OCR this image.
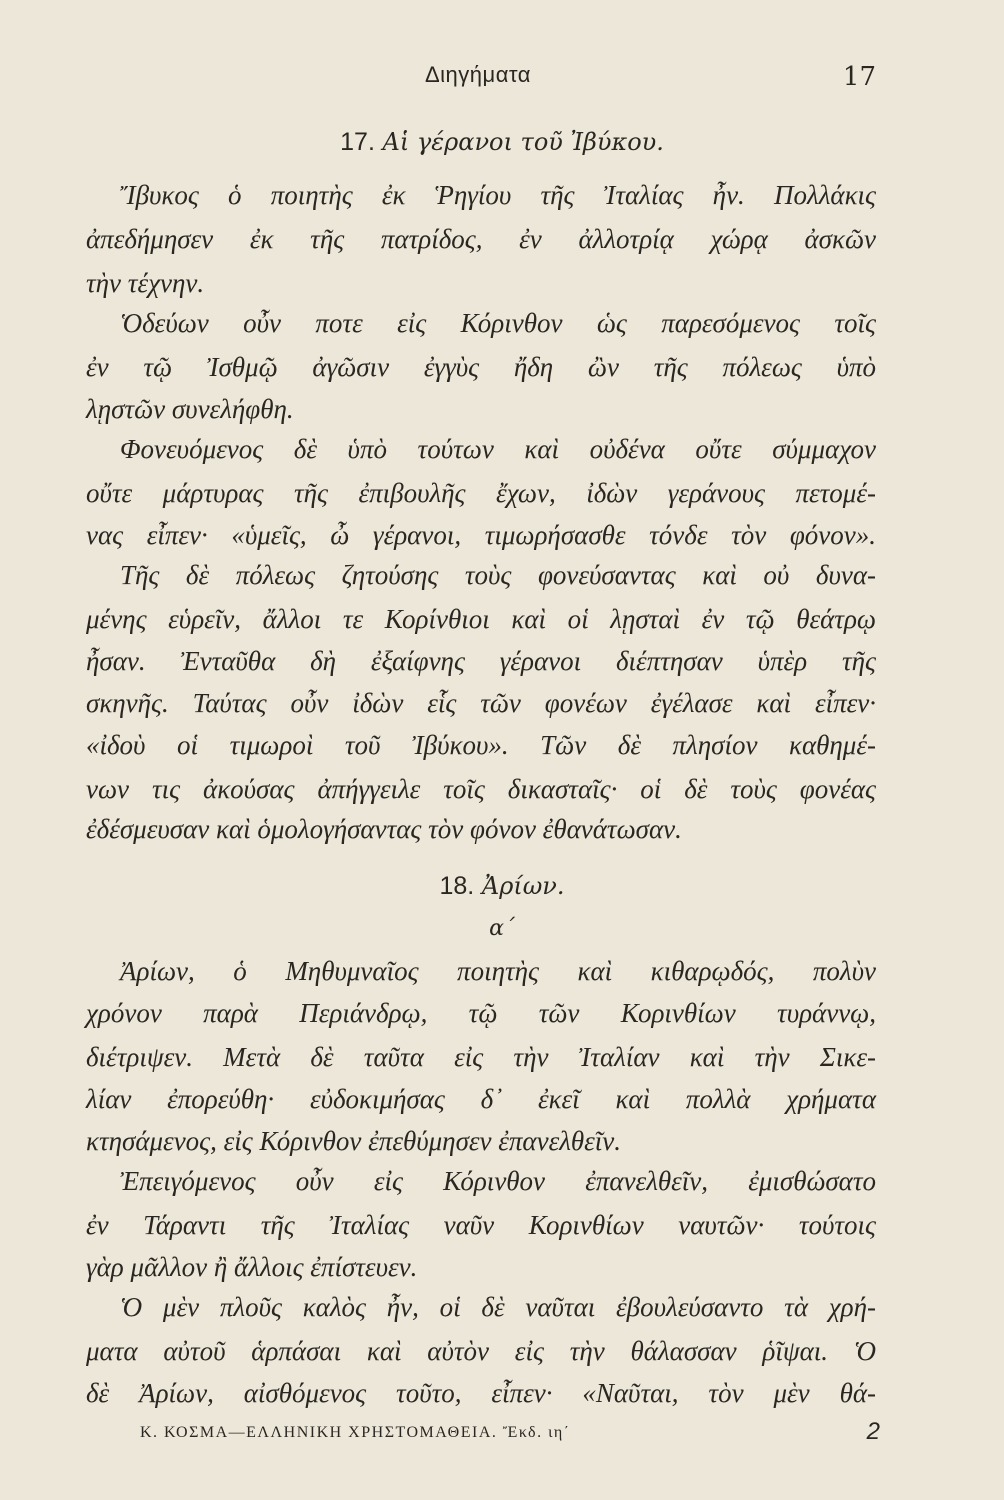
Διηγήματα	17
17. Αἱ γέρανοι τοῦ Ἰβύκου.
Ἴβυκος ὁ ποιητὴς ἐκ Ῥηγίου τῆς Ἰταλίας ἦν. Πολλάκις
ἀπεδήμησεν ἐκ τῆς πατρίδος, ἐν ἀλλοτρίᾳ χώρᾳ ἀσκῶν
τὴν τέχνην.
Ὁδεύων οὖν ποτε εἰς Κόρινθον ὡς παρεσόμενος τοῖς
ἐν τῷ Ἰσθμῷ ἀγῶσιν ἐγγὺς ἤδη ὢν τῆς πόλεως ὑπὸ
λῃστῶν συνελήφθη.
Φονευόμενος δὲ ὑπὸ τούτων καὶ οὐδένα οὔτε σύμμαχον
οὔτε μάρτυρας τῆς ἐπιβουλῆς ἔχων, ἰδὼν γεράνους πετομέ-
νας εἶπεν· «ὑμεῖς, ὦ γέρανοι, τιμωρήσασθε τόνδε τὸν φόνον».
Τῆς δὲ πόλεως ζητούσης τοὺς φονεύσαντας καὶ οὐ δυνα-
μένης εὑρεῖν, ἄλλοι τε Κορίνθιοι καὶ οἱ λῃσταὶ ἐν τῷ θεάτρῳ
ἦσαν. Ἐνταῦθα δὴ ἐξαίφνης γέρανοι διέπτησαν ὑπὲρ τῆς
σκηνῆς. Ταύτας οὖν ἰδὼν εἷς τῶν φονέων ἐγέλασε καὶ εἶπεν·
«ἰδοὺ οἱ τιμωροὶ τοῦ Ἰβύκου». Τῶν δὲ πλησίον καθημέ-
νων τις ἀκούσας ἀπήγγειλε τοῖς δικασταῖς· οἱ δὲ τοὺς φονέας
ἐδέσμευσαν καὶ ὁμολογήσαντας τὸν φόνον ἐθανάτωσαν.
18. Ἀρίων.
α΄
Ἀρίων, ὁ Μηθυμναῖος ποιητὴς καὶ κιθαρῳδός, πολὺν
χρόνον παρὰ Περιάνδρῳ, τῷ τῶν Κορινθίων τυράννῳ,
διέτριψεν. Μετὰ δὲ ταῦτα εἰς τὴν Ἰταλίαν καὶ τὴν Σικε-
λίαν ἐπορεύθη· εὐδοκιμήσας δ᾽ ἐκεῖ καὶ πολλὰ χρήματα
κτησάμενος, εἰς Κόρινθον ἐπεθύμησεν ἐπανελθεῖν.
Ἐπειγόμενος οὖν εἰς Κόρινθον ἐπανελθεῖν, ἐμισθώσατο
ἐν Τάραντι τῆς Ἰταλίας ναῦν Κορινθίων ναυτῶν· τούτοις
γὰρ μᾶλλον ἢ ἄλλοις ἐπίστευεν.
Ὁ μὲν πλοῦς καλὸς ἦν, οἱ δὲ ναῦται ἐβουλεύσαντο τὰ χρή-
ματα αὐτοῦ ἁρπάσαι καὶ αὐτὸν εἰς τὴν θάλασσαν ῥῖψαι. Ὁ
δὲ Ἀρίων, αἰσθόμενος τοῦτο, εἶπεν· «Ναῦται, τὸν μὲν θά-
Κ. ΚΟΣΜΑ—ΕΛΛΗΝΙΚΗ ΧΡΗΣΤΟΜΑΘΕΙΑ. Ἔκδ. ιη΄	2
